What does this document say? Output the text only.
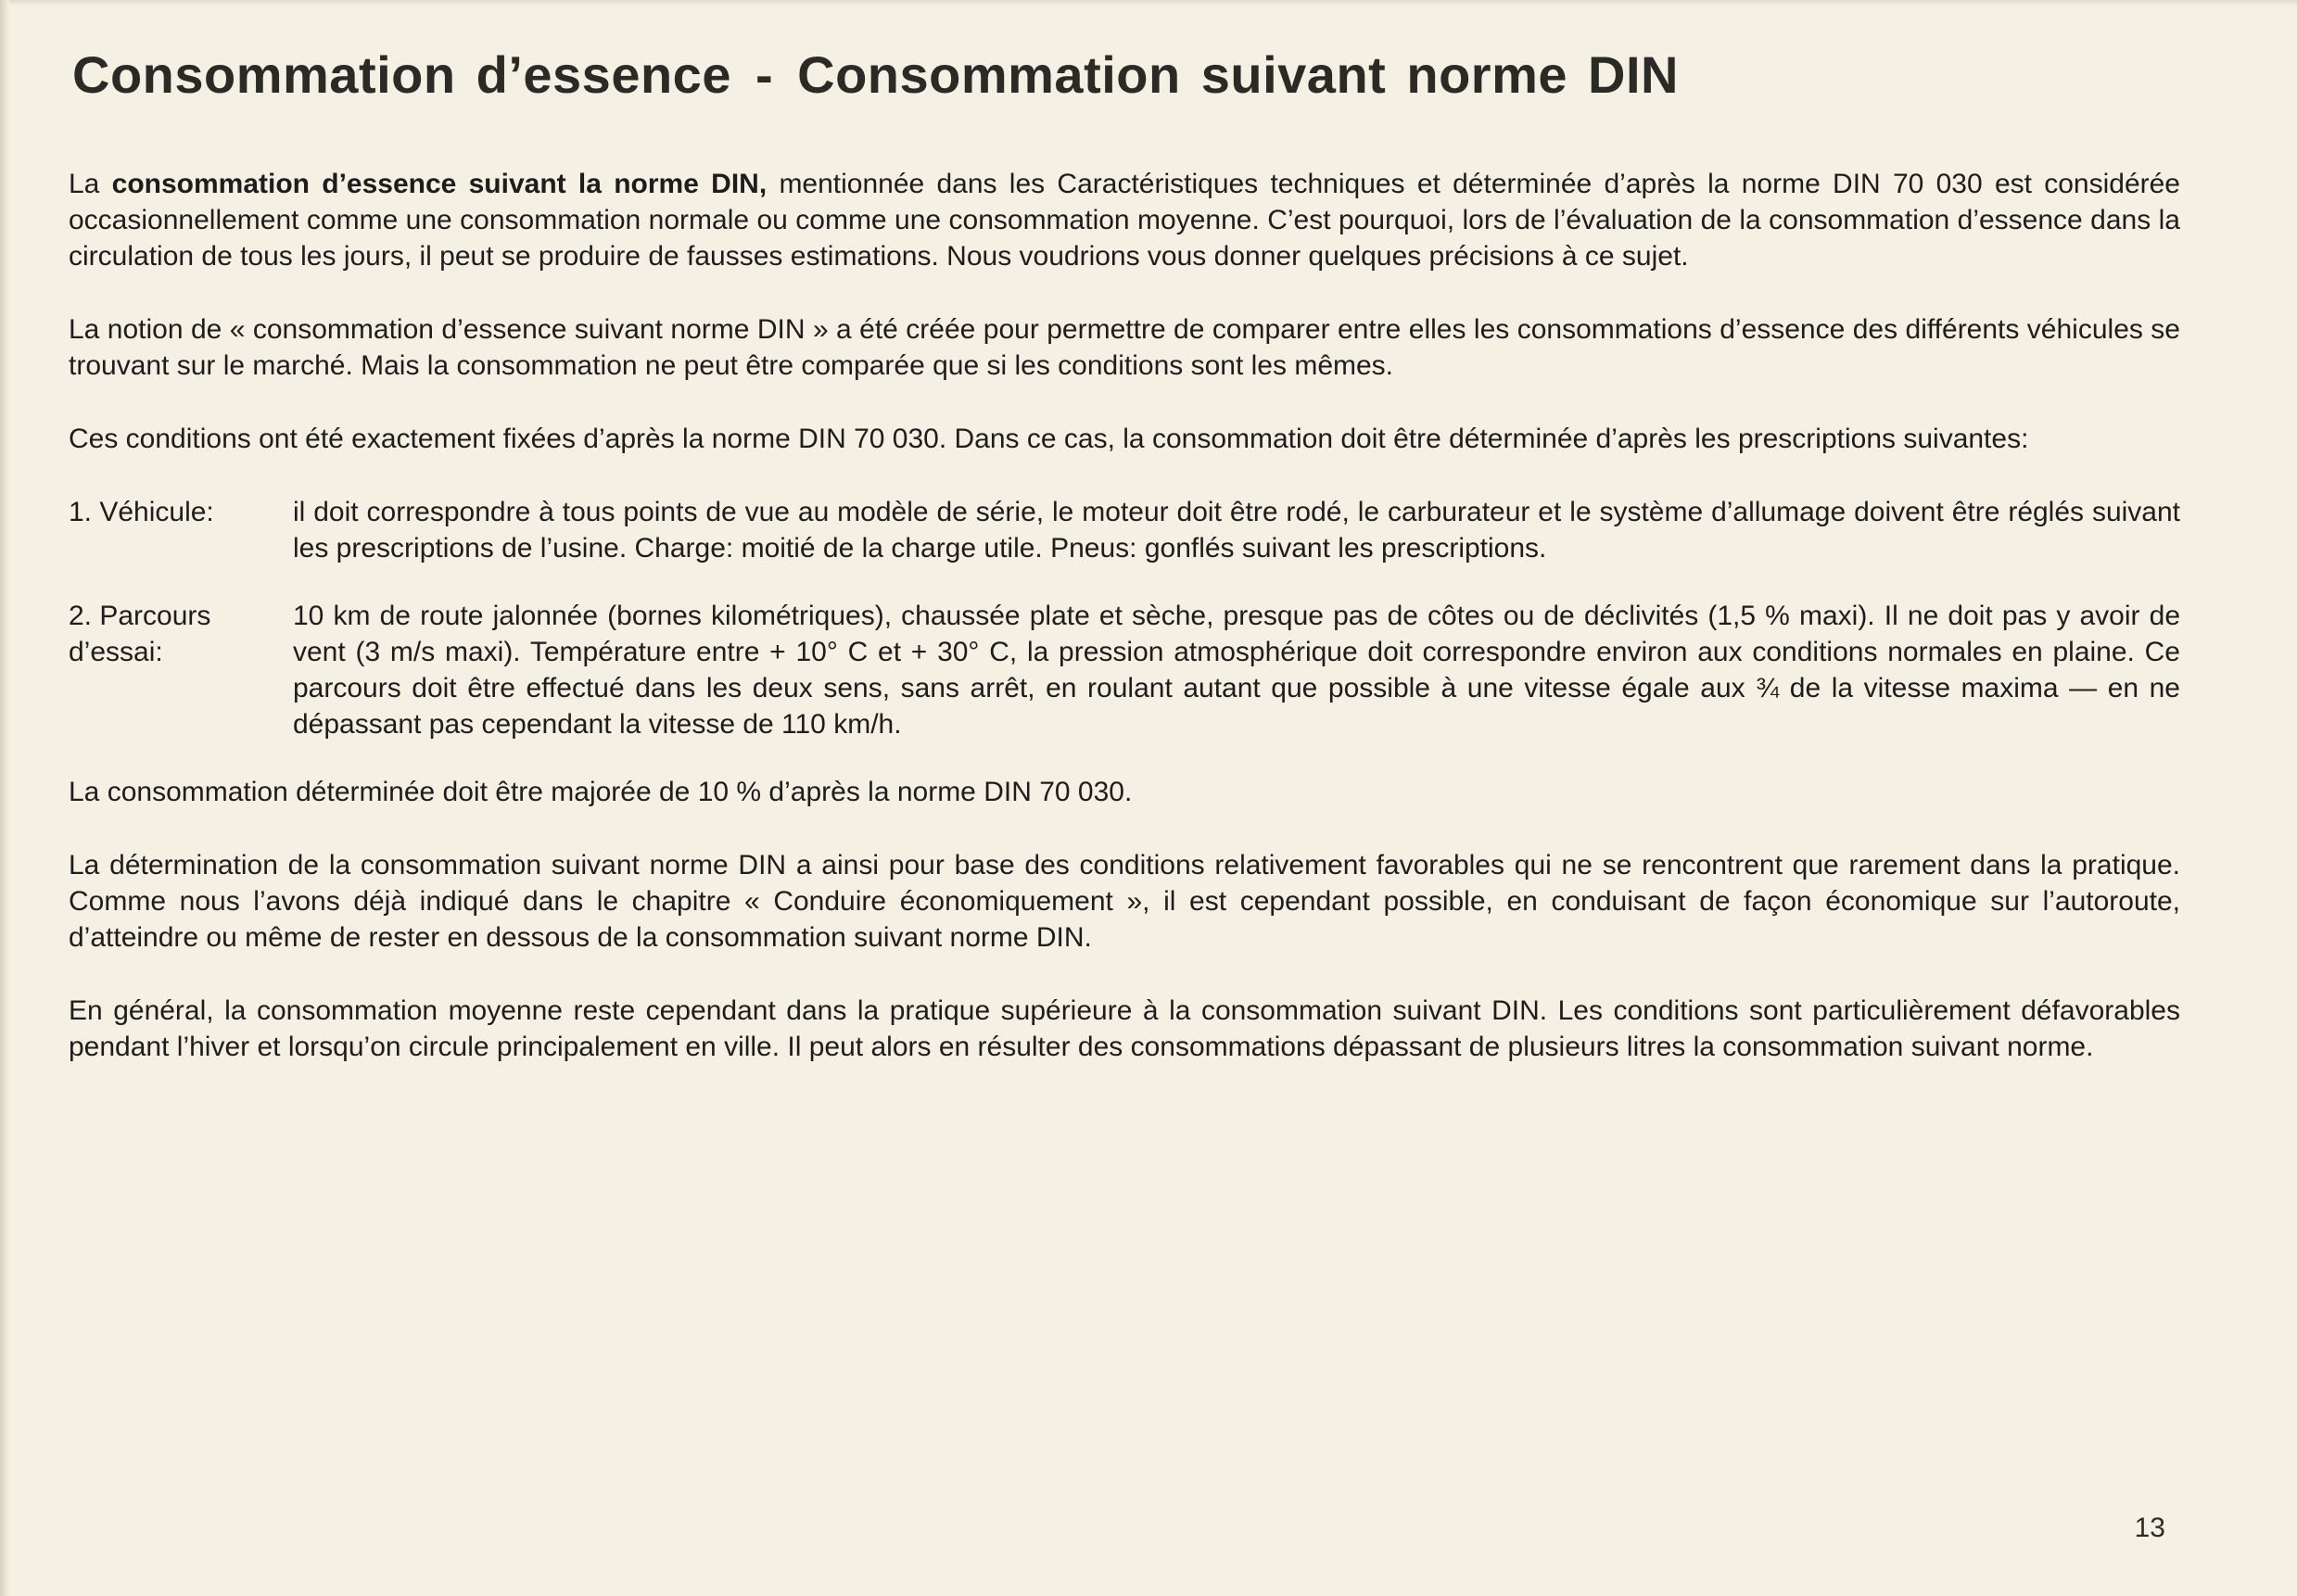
Consommation d’essence - Consommation suivant norme DIN

La consommation d’essence suivant la norme DIN, mentionnée dans les Caractéristiques techniques et déterminée d’après la norme DIN 70 030 est considérée occasionnellement comme une consommation normale ou comme une consommation moyenne. C’est pourquoi, lors de l’évaluation de la consommation d’essence dans la circulation de tous les jours, il peut se produire de fausses estimations. Nous voudrions vous donner quelques précisions à ce sujet.

La notion de « consommation d’essence suivant norme DIN » a été créée pour permettre de comparer entre elles les consommations d’essence des différents véhicules se trouvant sur le marché. Mais la consommation ne peut être comparée que si les conditions sont les mêmes.

Ces conditions ont été exactement fixées d’après la norme DIN 70 030. Dans ce cas, la consommation doit être déterminée d’après les prescriptions suivantes:

1. Véhicule:	il doit correspondre à tous points de vue au modèle de série, le moteur doit être rodé, le carburateur et le système d’allumage doivent être réglés suivant les prescriptions de l’usine. Charge: moitié de la charge utile. Pneus: gonflés suivant les prescriptions.
2. Parcours
d’essai:
10 km de route jalonnée (bornes kilométriques), chaussée plate et sèche, presque pas de côtes ou de déclivités (1,5 % maxi). Il ne doit pas y avoir de vent (3 m/s maxi). Température entre + 10° C et + 30° C, la pression atmosphérique doit correspondre environ aux conditions normales en plaine. Ce parcours doit être effectué dans les deux sens, sans arrêt, en roulant autant que possible à une vitesse égale aux ¾ de la vitesse maxima — en ne dépassant pas cependant la vitesse de 110 km/h.

La consommation déterminée doit être majorée de 10 % d’après la norme DIN 70 030.

La détermination de la consommation suivant norme DIN a ainsi pour base des conditions relativement favorables qui ne se rencontrent que rarement dans la pratique. Comme nous l’avons déjà indiqué dans le chapitre « Conduire économiquement », il est cependant possible, en conduisant de façon économique sur l’autoroute, d’atteindre ou même de rester en dessous de la consommation suivant norme DIN.

En général, la consommation moyenne reste cependant dans la pratique supérieure à la consommation suivant DIN. Les conditions sont particulièrement défavorables pendant l’hiver et lorsqu’on circule principalement en ville. Il peut alors en résulter des consommations dépassant de plusieurs litres la consommation suivant norme.

13
